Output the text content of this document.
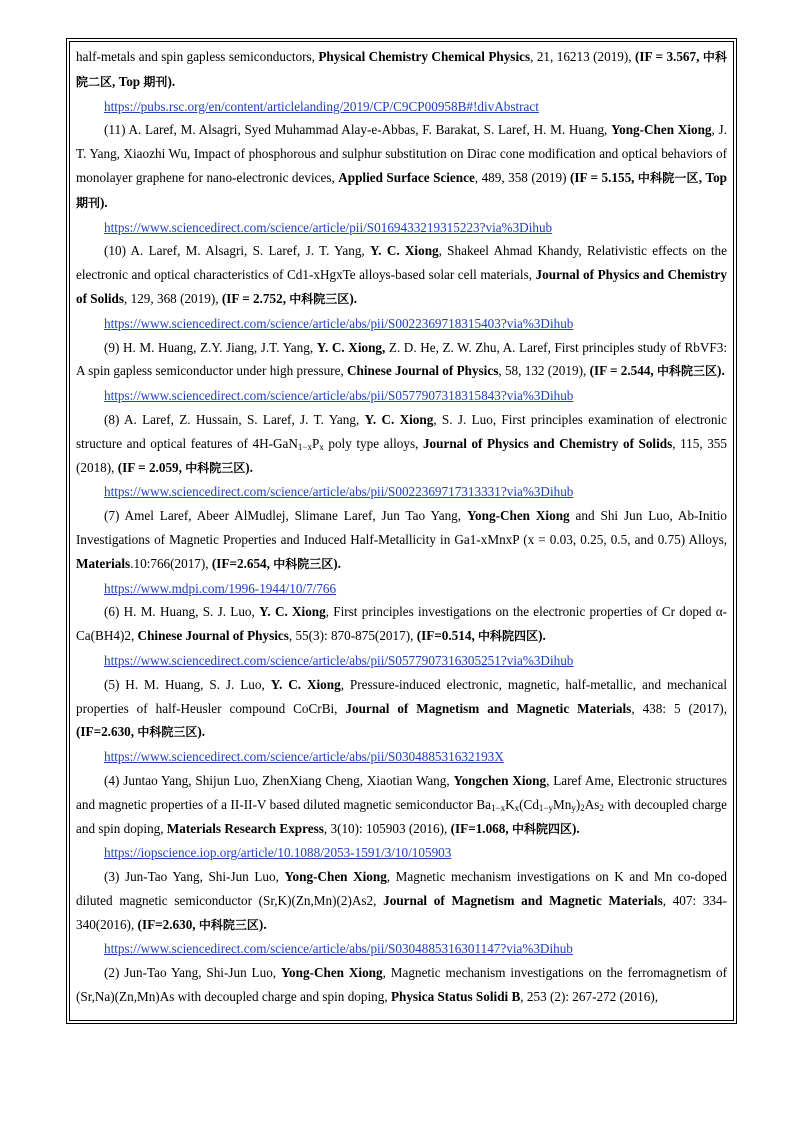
half-metals and spin gapless semiconductors, Physical Chemistry Chemical Physics, 21, 16213 (2019), (IF = 3.567, 中科院二区, Top 期刊).

https://pubs.rsc.org/en/content/articlelanding/2019/CP/C9CP00958B#!divAbstract

(11) A. Laref, M. Alsagri, Syed Muhammad Alay-e-Abbas, F. Barakat, S. Laref, H. M. Huang, Yong-Chen Xiong, J. T. Yang, Xiaozhi Wu, Impact of phosphorous and sulphur substitution on Dirac cone modification and optical behaviors of monolayer graphene for nano-electronic devices, Applied Surface Science, 489, 358 (2019) (IF = 5.155, 中科院一区, Top 期刊).

https://www.sciencedirect.com/science/article/pii/S0169433219315223?via%3Dihub

(10) A. Laref, M. Alsagri, S. Laref, J. T. Yang, Y. C. Xiong, Shakeel Ahmad Khandy, Relativistic effects on the electronic and optical characteristics of Cd1-xHgxTe alloys-based solar cell materials, Journal of Physics and Chemistry of Solids, 129, 368 (2019), (IF = 2.752, 中科院三区).

https://www.sciencedirect.com/science/article/abs/pii/S0022369718315403?via%3Dihub

(9) H. M. Huang, Z.Y. Jiang, J.T. Yang, Y. C. Xiong, Z. D. He, Z. W. Zhu, A. Laref, First principles study of RbVF3: A spin gapless semiconductor under high pressure, Chinese Journal of Physics, 58, 132 (2019), (IF = 2.544, 中科院三区).

https://www.sciencedirect.com/science/article/abs/pii/S0577907318315843?via%3Dihub

(8) A. Laref, Z. Hussain, S. Laref, J. T. Yang, Y. C. Xiong, S. J. Luo, First principles examination of electronic structure and optical features of $4H-GaN_{1-x}P_x$ poly type alloys, Journal of Physics and Chemistry of Solids, 115, 355 (2018), (IF = 2.059, 中科院三区).

https://www.sciencedirect.com/science/article/abs/pii/S0022369717313331?via%3Dihub

(7) Amel Laref, Abeer AlMudlej, Slimane Laref, Jun Tao Yang, Yong-Chen Xiong and Shi Jun Luo, Ab-Initio Investigations of Magnetic Properties and Induced Half-Metallicity in Ga1-xMnxP (x = 0.03, 0.25, 0.5, and 0.75) Alloys, Materials.10:766(2017), (IF=2.654, 中科院三区).

https://www.mdpi.com/1996-1944/10/7/766

(6) H. M. Huang, S. J. Luo, Y. C. Xiong, First principles investigations on the electronic properties of Cr doped α-Ca(BH4)2, Chinese Journal of Physics, 55(3): 870-875(2017), (IF=0.514, 中科院四区).

https://www.sciencedirect.com/science/article/abs/pii/S0577907316305251?via%3Dihub

(5) H. M. Huang, S. J. Luo, Y. C. Xiong, Pressure-induced electronic, magnetic, half-metallic, and mechanical properties of half-Heusler compound CoCrBi, Journal of Magnetism and Magnetic Materials, 438: 5 (2017), (IF=2.630, 中科院三区).

https://www.sciencedirect.com/science/article/abs/pii/S030488531632193X

(4) Juntao Yang, Shijun Luo, ZhenXiang Cheng, Xiaotian Wang, Yongchen Xiong, Laref Ame, Electronic structures and magnetic properties of a II-II-V based diluted magnetic semiconductor $Ba_{1-x}K_x(Cd_{1-y}Mn_y)_2As_2$ with decoupled charge and spin doping, Materials Research Express, 3(10): 105903 (2016), (IF=1.068, 中科院四区).

https://iopscience.iop.org/article/10.1088/2053-1591/3/10/105903

(3) Jun-Tao Yang, Shi-Jun Luo, Yong-Chen Xiong, Magnetic mechanism investigations on K and Mn co-doped diluted magnetic semiconductor (Sr,K)(Zn,Mn)(2)As2, Journal of Magnetism and Magnetic Materials, 407: 334-340(2016), (IF=2.630, 中科院三区).

https://www.sciencedirect.com/science/article/abs/pii/S0304885316301147?via%3Dihub

(2) Jun-Tao Yang, Shi-Jun Luo, Yong-Chen Xiong, Magnetic mechanism investigations on the ferromagnetism of (Sr,Na)(Zn,Mn)As with decoupled charge and spin doping, Physica Status Solidi B, 253 (2): 267-272 (2016),
